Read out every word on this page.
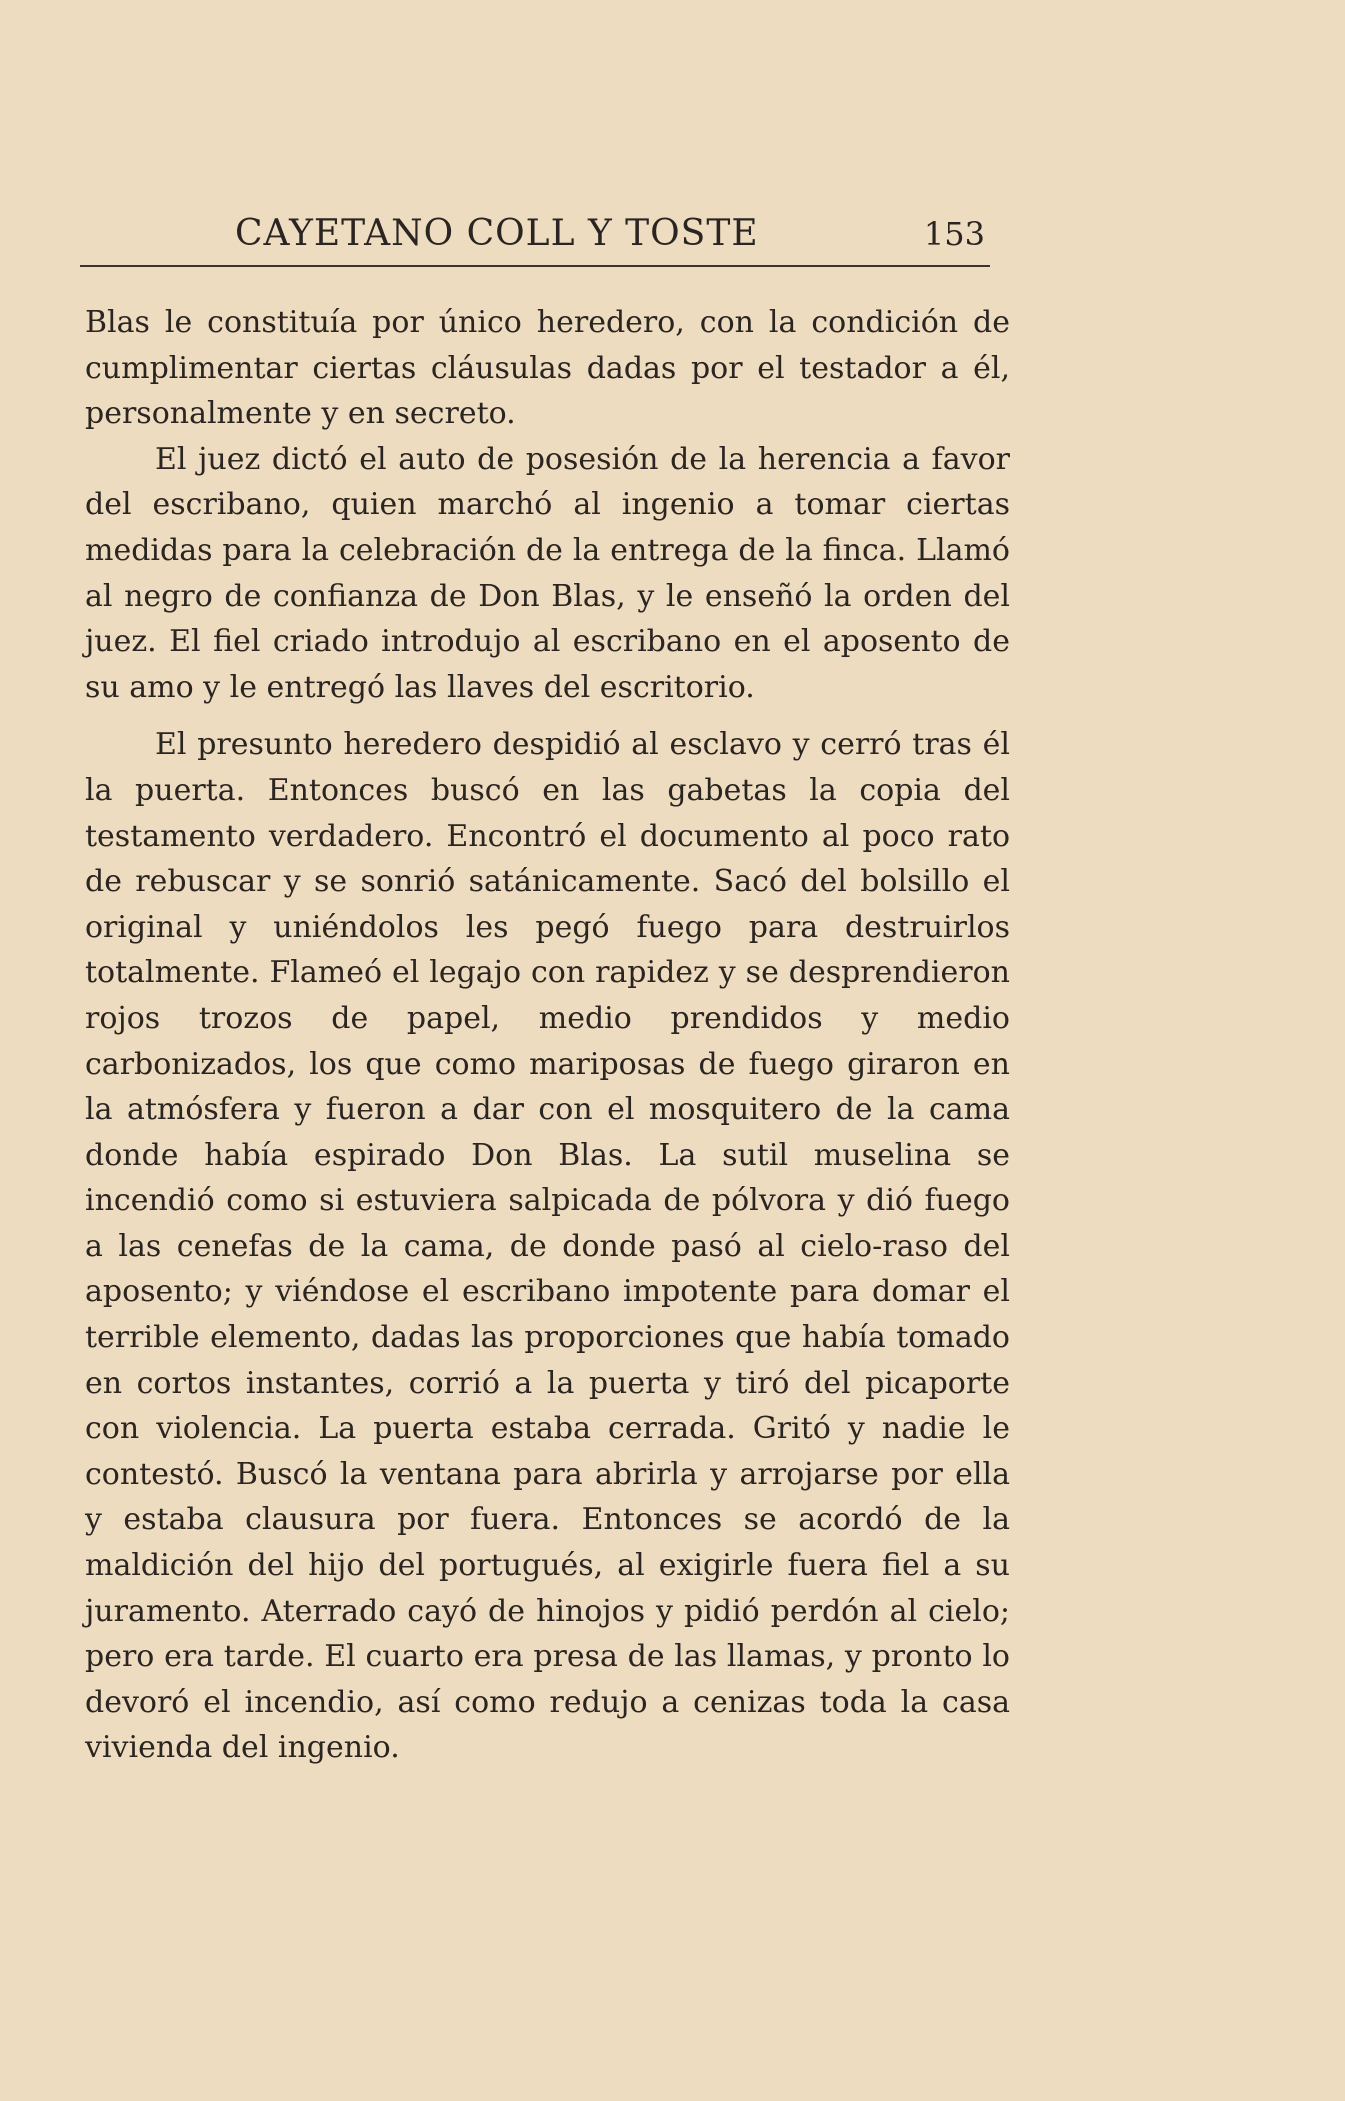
CAYETANO COLL Y TOSTE	153

Blas le constituía por único heredero, con la condición de cumplimentar ciertas cláusulas dadas por el testador a él, personalmente y en secreto.

El juez dictó el auto de posesión de la herencia a favor del escribano, quien marchó al ingenio a tomar ciertas medidas para la celebración de la entrega de la finca. Llamó al negro de confianza de Don Blas, y le enseñó la orden del juez. El fiel criado introdujo al escribano en el aposento de su amo y le entregó las llaves del escritorio.

El presunto heredero despidió al esclavo y cerró tras él la puerta. Entonces buscó en las gabetas la copia del testamento verdadero. Encontró el documento al poco rato de rebuscar y se sonrió satánicamente. Sacó del bolsillo el original y uniéndolos les pegó fuego para destruirlos totalmente. Flameó el legajo con rapidez y se desprendieron rojos trozos de papel, medio prendidos y medio carbonizados, los que como mariposas de fuego giraron en la atmósfera y fueron a dar con el mosquitero de la cama donde había espirado Don Blas. La sutil muselina se incendió como si estuviera salpicada de pólvora y dió fuego a las cenefas de la cama, de donde pasó al cielo-raso del aposento; y viéndose el escribano impotente para domar el terrible elemento, dadas las proporciones que había tomado en cortos instantes, corrió a la puerta y tiró del picaporte con violencia. La puerta estaba cerrada. Gritó y nadie le contestó. Buscó la ventana para abrirla y arrojarse por ella y estaba clausura por fuera. Entonces se acordó de la maldición del hijo del portugués, al exigirle fuera fiel a su juramento. Aterrado cayó de hinojos y pidió perdón al cielo; pero era tarde. El cuarto era presa de las llamas, y pronto lo devoró el incendio, así como redujo a cenizas toda la casa vivienda del ingenio.
